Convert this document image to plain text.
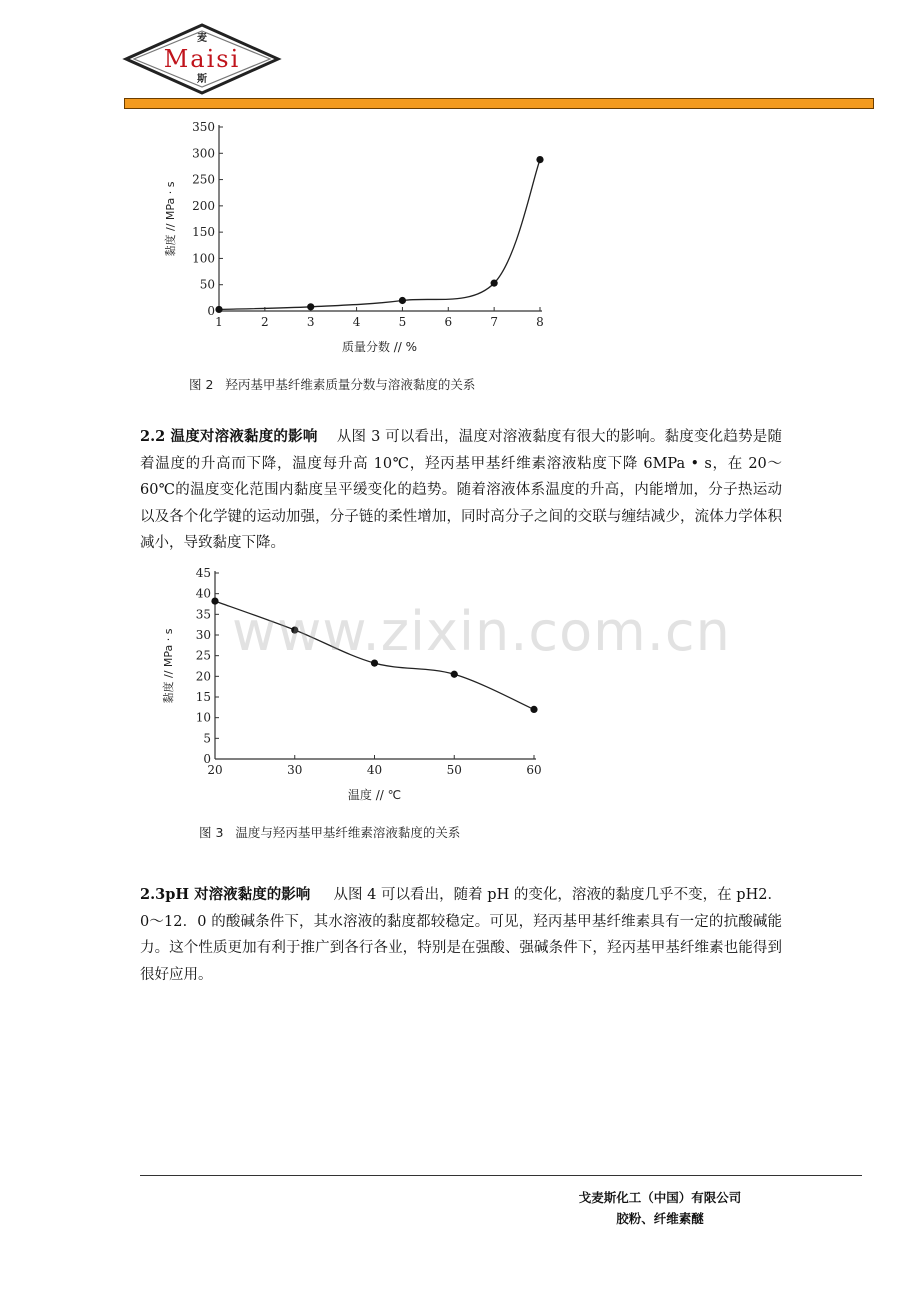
麦
Maisi
斯
1	2	3	4	5	6	7	8
0
50
100
150
200
250
300
350
质量分数 // %
黏度 // MPa · s
图 2 羟丙基甲基纤维素质量分数与溶液黏度的关系
2.2 温度对溶液黏度的影响 从图 3 可以看出，温度对溶液黏度有很大的影响。黏度变化趋势是随着温度的升高而下降，温度每升高 10℃，羟丙基甲基纤维素溶液粘度下降 6MPa • s，在 20～60℃的温度变化范围内黏度呈平缓变化的趋势。随着溶液体系温度的升高，内能增加，分子热运动以及各个化学键的运动加强，分子链的柔性增加，同时高分子之间的交联与缠结减少，流体力学体积减小，导致黏度下降。
20	30	40	50	60
0
5
10
15
20
25
30
35
40
45
温度 // ℃
黏度 // MPa · s www.zixin.com.cn
图 3 温度与羟丙基甲基纤维素溶液黏度的关系
2.3pH 对溶液黏度的影响 从图 4 可以看出，随着 pH 的变化，溶液的黏度几乎不变，在 pH2．0～12．0 的酸碱条件下，其水溶液的黏度都较稳定。可见，羟丙基甲基纤维素具有一定的抗酸碱能力。这个性质更加有利于推广到各行各业，特别是在强酸、强碱条件下，羟丙基甲基纤维素也能得到很好应用。
戈麦斯化工（中国）有限公司
胶粉、纤维素醚
